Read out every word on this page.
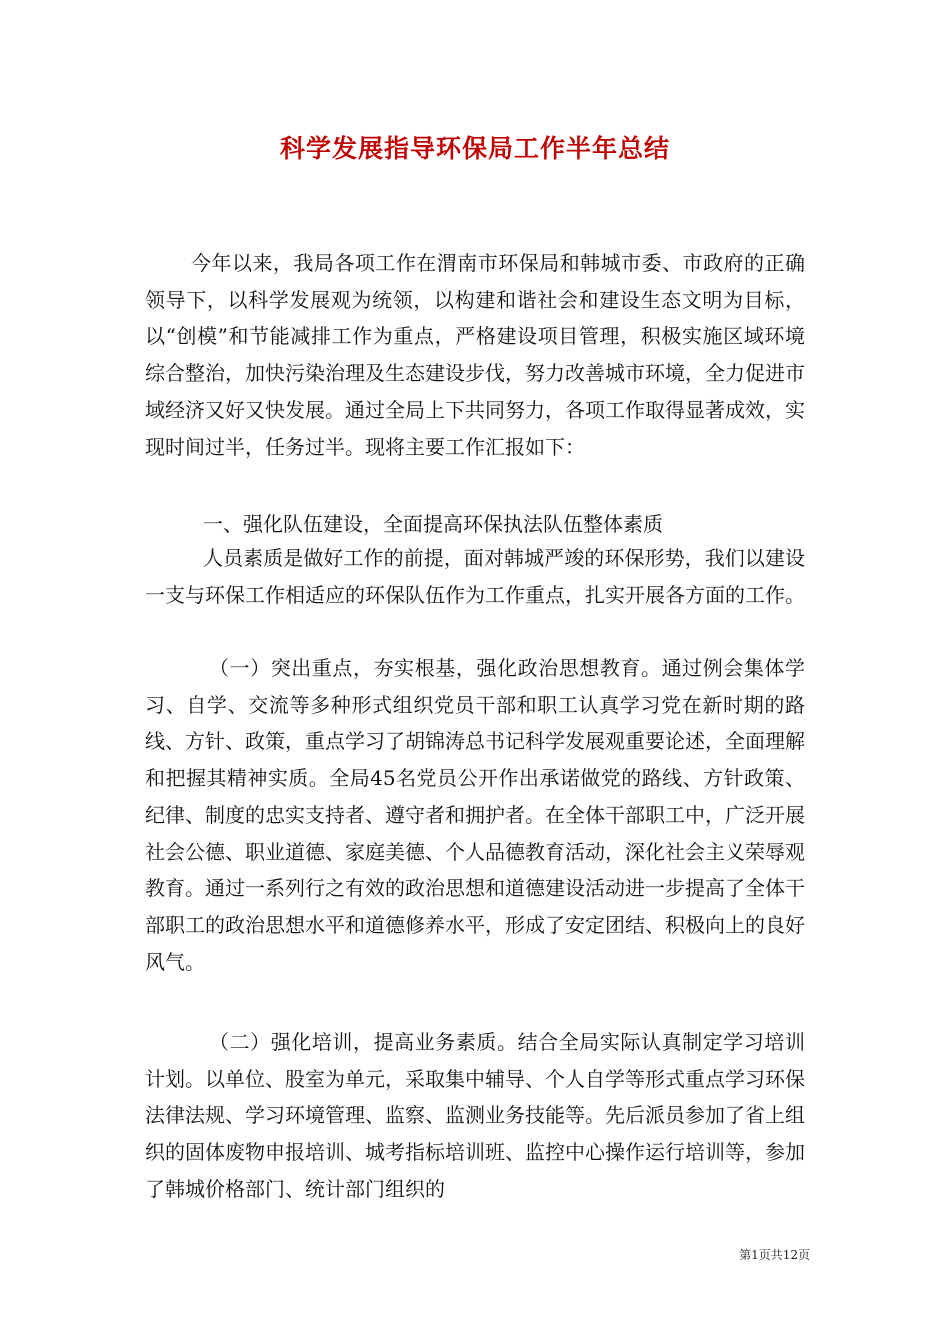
科学发展指导环保局工作半年总结

今年以来，我局各项工作在渭南市环保局和韩城市委、市政府的正确领导下，以科学发展观为统领，以构建和谐社会和建设生态文明为目标，以“创模”和节能减排工作为重点，严格建设项目管理，积极实施区域环境综合整治，加快污染治理及生态建设步伐，努力改善城市环境，全力促进市域经济又好又快发展。通过全局上下共同努力，各项工作取得显著成效，实现时间过半，任务过半。现将主要工作汇报如下：

一、强化队伍建设，全面提高环保执法队伍整体素质

人员素质是做好工作的前提，面对韩城严竣的环保形势，我们以建设一支与环保工作相适应的环保队伍作为工作重点，扎实开展各方面的工作。

（一）突出重点，夯实根基，强化政治思想教育。通过例会集体学习、自学、交流等多种形式组织党员干部和职工认真学习党在新时期的路线、方针、政策，重点学习了胡锦涛总书记科学发展观重要论述，全面理解和把握其精神实质。全局45名党员公开作出承诺做党的路线、方针政策、纪律、制度的忠实支持者、遵守者和拥护者。在全体干部职工中，广泛开展社会公德、职业道德、家庭美德、个人品德教育活动，深化社会主义荣辱观教育。通过一系列行之有效的政治思想和道德建设活动进一步提高了全体干部职工的政治思想水平和道德修养水平，形成了安定团结、积极向上的良好风气。

（二）强化培训，提高业务素质。结合全局实际认真制定学习培训计划。以单位、股室为单元，采取集中辅导、个人自学等形式重点学习环保法律法规、学习环境管理、监察、监测业务技能等。先后派员参加了省上组织的固体废物申报培训、城考指标培训班、监控中心操作运行培训等，参加了韩城价格部门、统计部门组织的

第1页共12页
